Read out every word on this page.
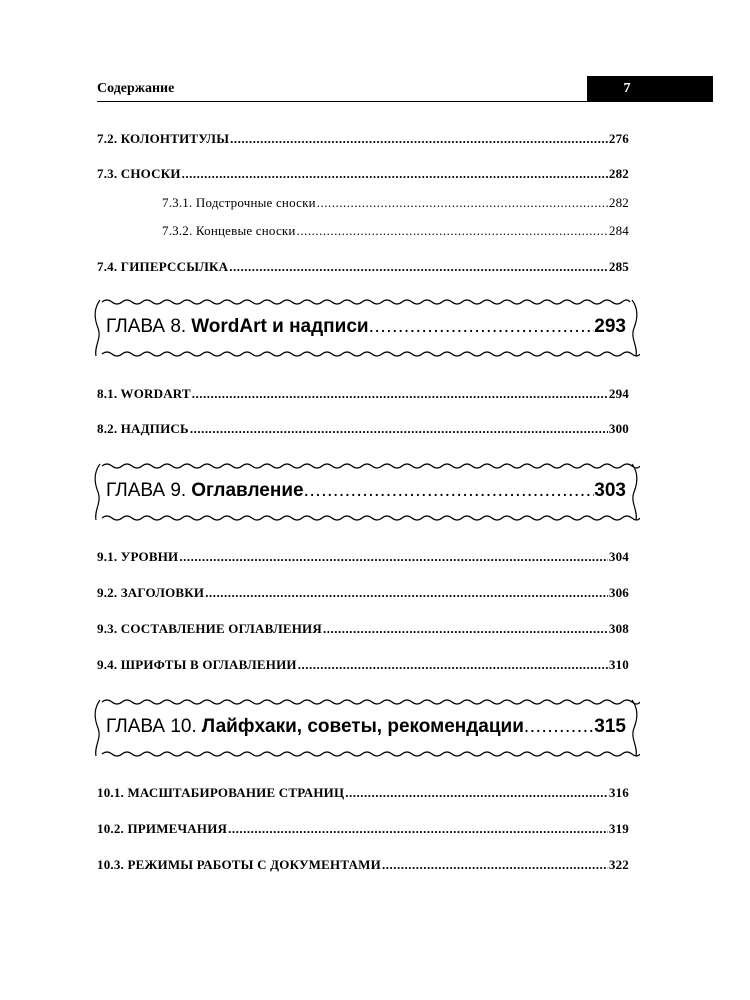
Содержание	7
7.2. КОЛОНТИТУЛЫ .....	276
7.3. СНОСКИ .....	282
7.3.1. Подстрочные сноски .....	282
7.3.2. Концевые сноски .....	284
7.4. ГИПЕРССЫЛКА .....	285
ГЛАВА 8. WordArt и надписи .....	293
8.1. WORDART .....	294
8.2. НАДПИСЬ .....	300
ГЛАВА 9. Оглавление .....	303
9.1. УРОВНИ .....	304
9.2. ЗАГОЛОВКИ .....	306
9.3. СОСТАВЛЕНИЕ ОГЛАВЛЕНИЯ .....	308
9.4. ШРИФТЫ В ОГЛАВЛЕНИИ .....	310
ГЛАВА 10. Лайфхаки, советы, рекомендации .....	315
10.1. МАСШТАБИРОВАНИЕ СТРАНИЦ .....	316
10.2. ПРИМЕЧАНИЯ .....	319
10.3. РЕЖИМЫ РАБОТЫ С ДОКУМЕНТАМИ .....	322
